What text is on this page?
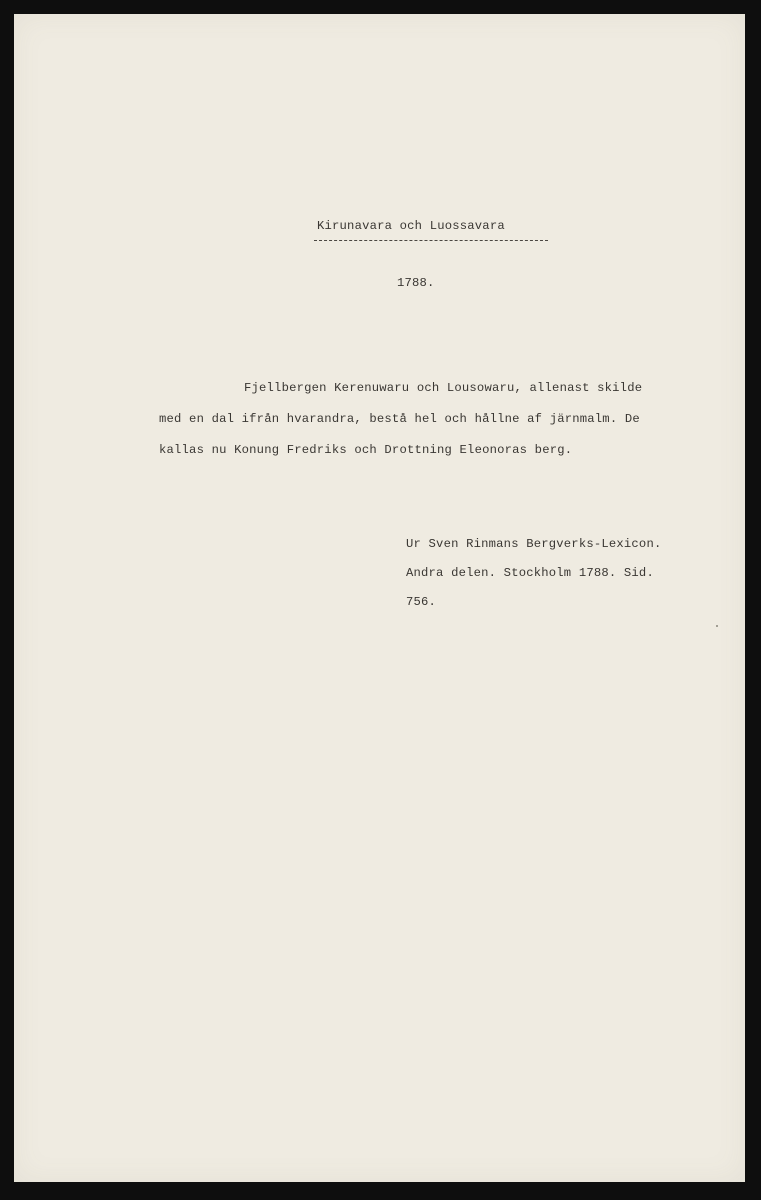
Kirunavara och Luossavara
1788.
Fjellbergen Kerenuwaru och Lousowaru, allenast skilde
med en dal ifrån hvarandra, bestå hel och hållne af järnmalm. De
kallas nu Konung Fredriks och Drottning Eleonoras berg.
Ur Sven Rinmans Bergverks-Lexicon.
Andra delen. Stockholm 1788. Sid.
756.
